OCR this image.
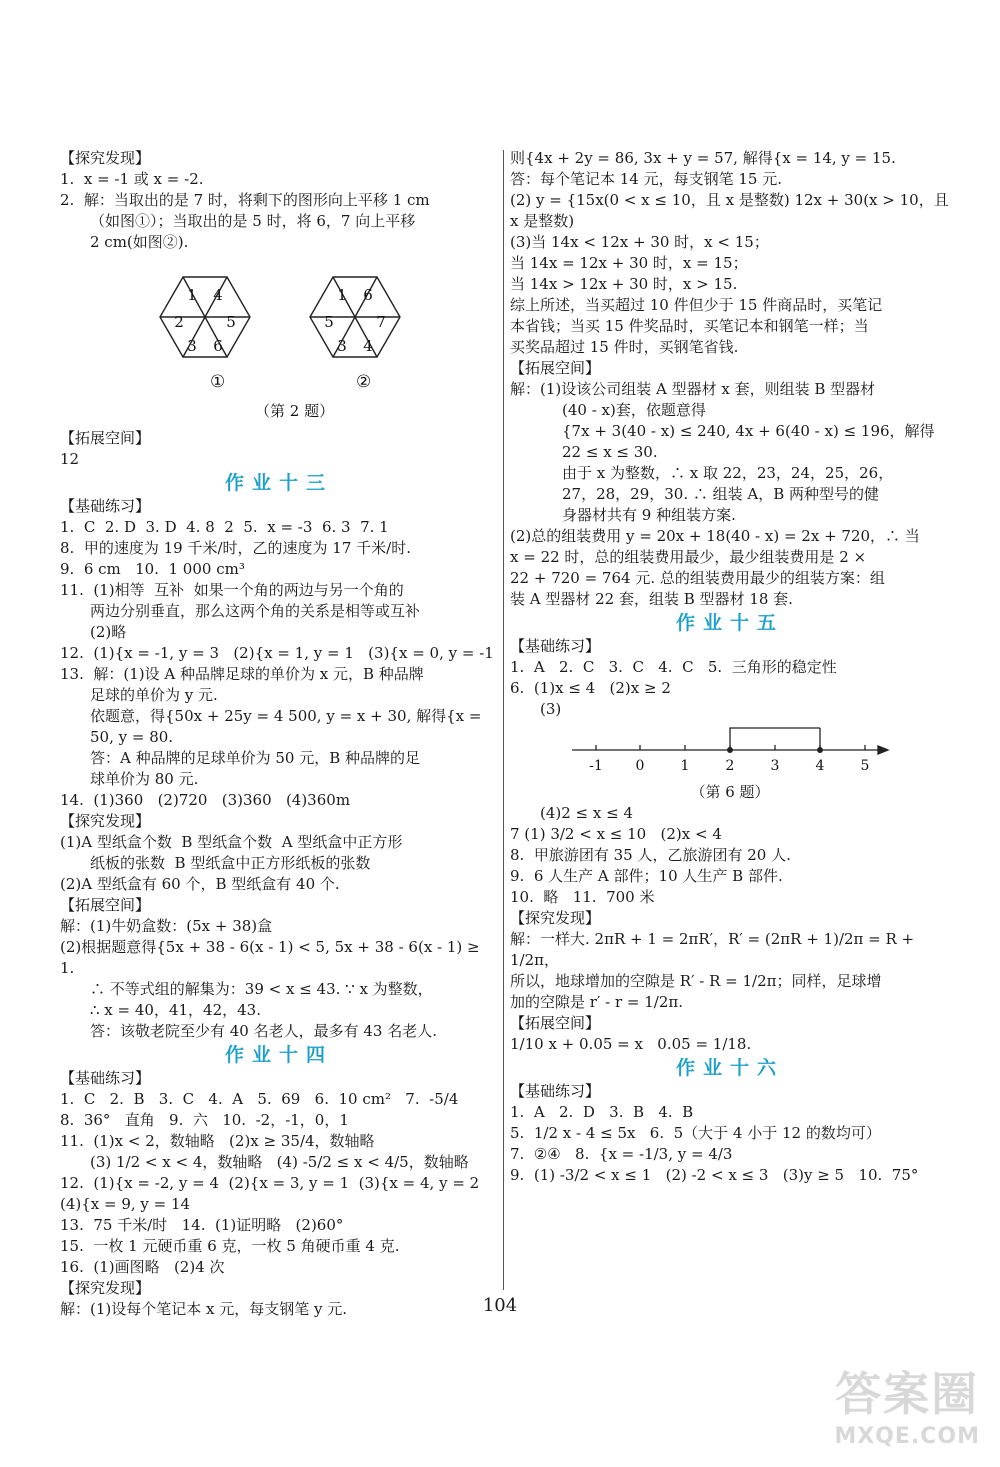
【探究发现】
1.  x = -1 或 x = -2.
2.  解：当取出的是 7 时，将剩下的图形向上平移 1 cm
（如图①）；当取出的是 5 时，将 6，7 向上平移
2 cm(如图②).
1 4
5
6
3
2
1 6
7
4
3
5
①	②
（第 2 题）
【拓展空间】
12
作业十三
【基础练习】
1.  C  2. D  3. D  4. 8  2  5.  x = -3  6. 3  7. 1
8.  甲的速度为 19 千米/时，乙的速度为 17 千米/时.
9.  6 cm   10.  1 000 cm³
11.  (1)相等  互补  如果一个角的两边与另一个角的
两边分别垂直，那么这两个角的关系是相等或互补
(2)略
12.  (1){x = -1, y = 3   (2){x = 1, y = 1   (3){x = 0, y = -1
13.  解：(1)设 A 种品牌足球的单价为 x 元，B 种品牌
足球的单价为 y 元.
依题意，得{50x + 25y = 4 500, y = x + 30, 解得{x = 50, y = 80.
答：A 种品牌的足球单价为 50 元，B 种品牌的足
球单价为 80 元.
14.  (1)360   (2)720   (3)360   (4)360m
【探究发现】
(1)A 型纸盒个数  B 型纸盒个数  A 型纸盒中正方形
纸板的张数  B 型纸盒中正方形纸板的张数
(2)A 型纸盒有 60 个，B 型纸盒有 40 个.
【拓展空间】
解：(1)牛奶盒数：(5x + 38)盒
(2)根据题意得{5x + 38 - 6(x - 1) < 5, 5x + 38 - 6(x - 1) ≥ 1.
∴ 不等式组的解集为：39 < x ≤ 43. ∵ x 为整数，
∴ x = 40，41，42，43.
答：该敬老院至少有 40 名老人，最多有 43 名老人.
作业十四
【基础练习】
1.  C   2.  B   3.  C   4.  A   5.  69   6.  10 cm²   7.  -5/4
8.  36°   直角   9.  六   10.  -2，-1，0，1
11.  (1)x < 2，数轴略   (2)x ≥ 35/4，数轴略
(3) 1/2 < x < 4，数轴略   (4) -5/2 ≤ x < 4/5，数轴略
12.  (1){x = -2, y = 4  (2){x = 3, y = 1  (3){x = 4, y = 2  (4){x = 9, y = 14
13.  75 千米/时   14.  (1)证明略   (2)60°
15.  一枚 1 元硬币重 6 克，一枚 5 角硬币重 4 克.
16.  (1)画图略   (2)4 次
【探究发现】
解：(1)设每个笔记本 x 元，每支钢笔 y 元.
则{4x + 2y = 86, 3x + y = 57, 解得{x = 14, y = 15.
答：每个笔记本 14 元，每支钢笔 15 元.
(2) y = {15x(0 < x ≤ 10，且 x 是整数) 12x + 30(x > 10，且 x 是整数)
(3)当 14x < 12x + 30 时，x < 15；
当 14x = 12x + 30 时，x = 15；
当 14x > 12x + 30 时，x > 15.
综上所述，当买超过 10 件但少于 15 件商品时，买笔记
本省钱；当买 15 件奖品时，买笔记本和钢笔一样；当
买奖品超过 15 件时，买钢笔省钱.
【拓展空间】
解：(1)设该公司组装 A 型器材 x 套，则组装 B 型器材
(40 - x)套，依题意得
{7x + 3(40 - x) ≤ 240, 4x + 6(40 - x) ≤ 196，解得 22 ≤ x ≤ 30.
由于 x 为整数，∴ x 取 22，23，24，25，26，
27，28，29，30. ∴ 组装 A，B 两种型号的健
身器材共有 9 种组装方案.
(2)总的组装费用 y = 20x + 18(40 - x) = 2x + 720，∴ 当
x = 22 时，总的组装费用最少，最少组装费用是 2 ×
22 + 720 = 764 元. 总的组装费用最少的组装方案：组
装 A 型器材 22 套，组装 B 型器材 18 套.
作业十五
【基础练习】
1.  A   2.  C   3.  C   4.  C   5.  三角形的稳定性
6.  (1)x ≤ 4   (2)x ≥ 2
(3)
-1 0	1	2	3	4	5
（第 6 题）
(4)2 ≤ x ≤ 4
7 (1) 3/2 < x ≤ 10   (2)x < 4
8.  甲旅游团有 35 人，乙旅游团有 20 人.
9.  6 人生产 A 部件；10 人生产 B 部件.
10.  略   11.  700 米
【探究发现】
解：一样大. 2πR + 1 = 2πR′，R′ = (2πR + 1)/2π = R + 1/2π，
所以，地球增加的空隙是 R′ - R = 1/2π；同样，足球增
加的空隙是 r′ - r = 1/2π.
【拓展空间】
1/10 x + 0.05 = x   0.05 = 1/18.
作业十六
【基础练习】
1.  A   2.  D   3.  B   4.  B
5.  1/2 x - 4 ≤ 5x   6.  5（大于 4 小于 12 的数均可）
7.  ②④   8.  {x = -1/3, y = 4/3
9.  (1) -3/2 < x ≤ 1   (2) -2 < x ≤ 3   (3)y ≥ 5   10.  75°
104
答案圈
MXQE.COM
